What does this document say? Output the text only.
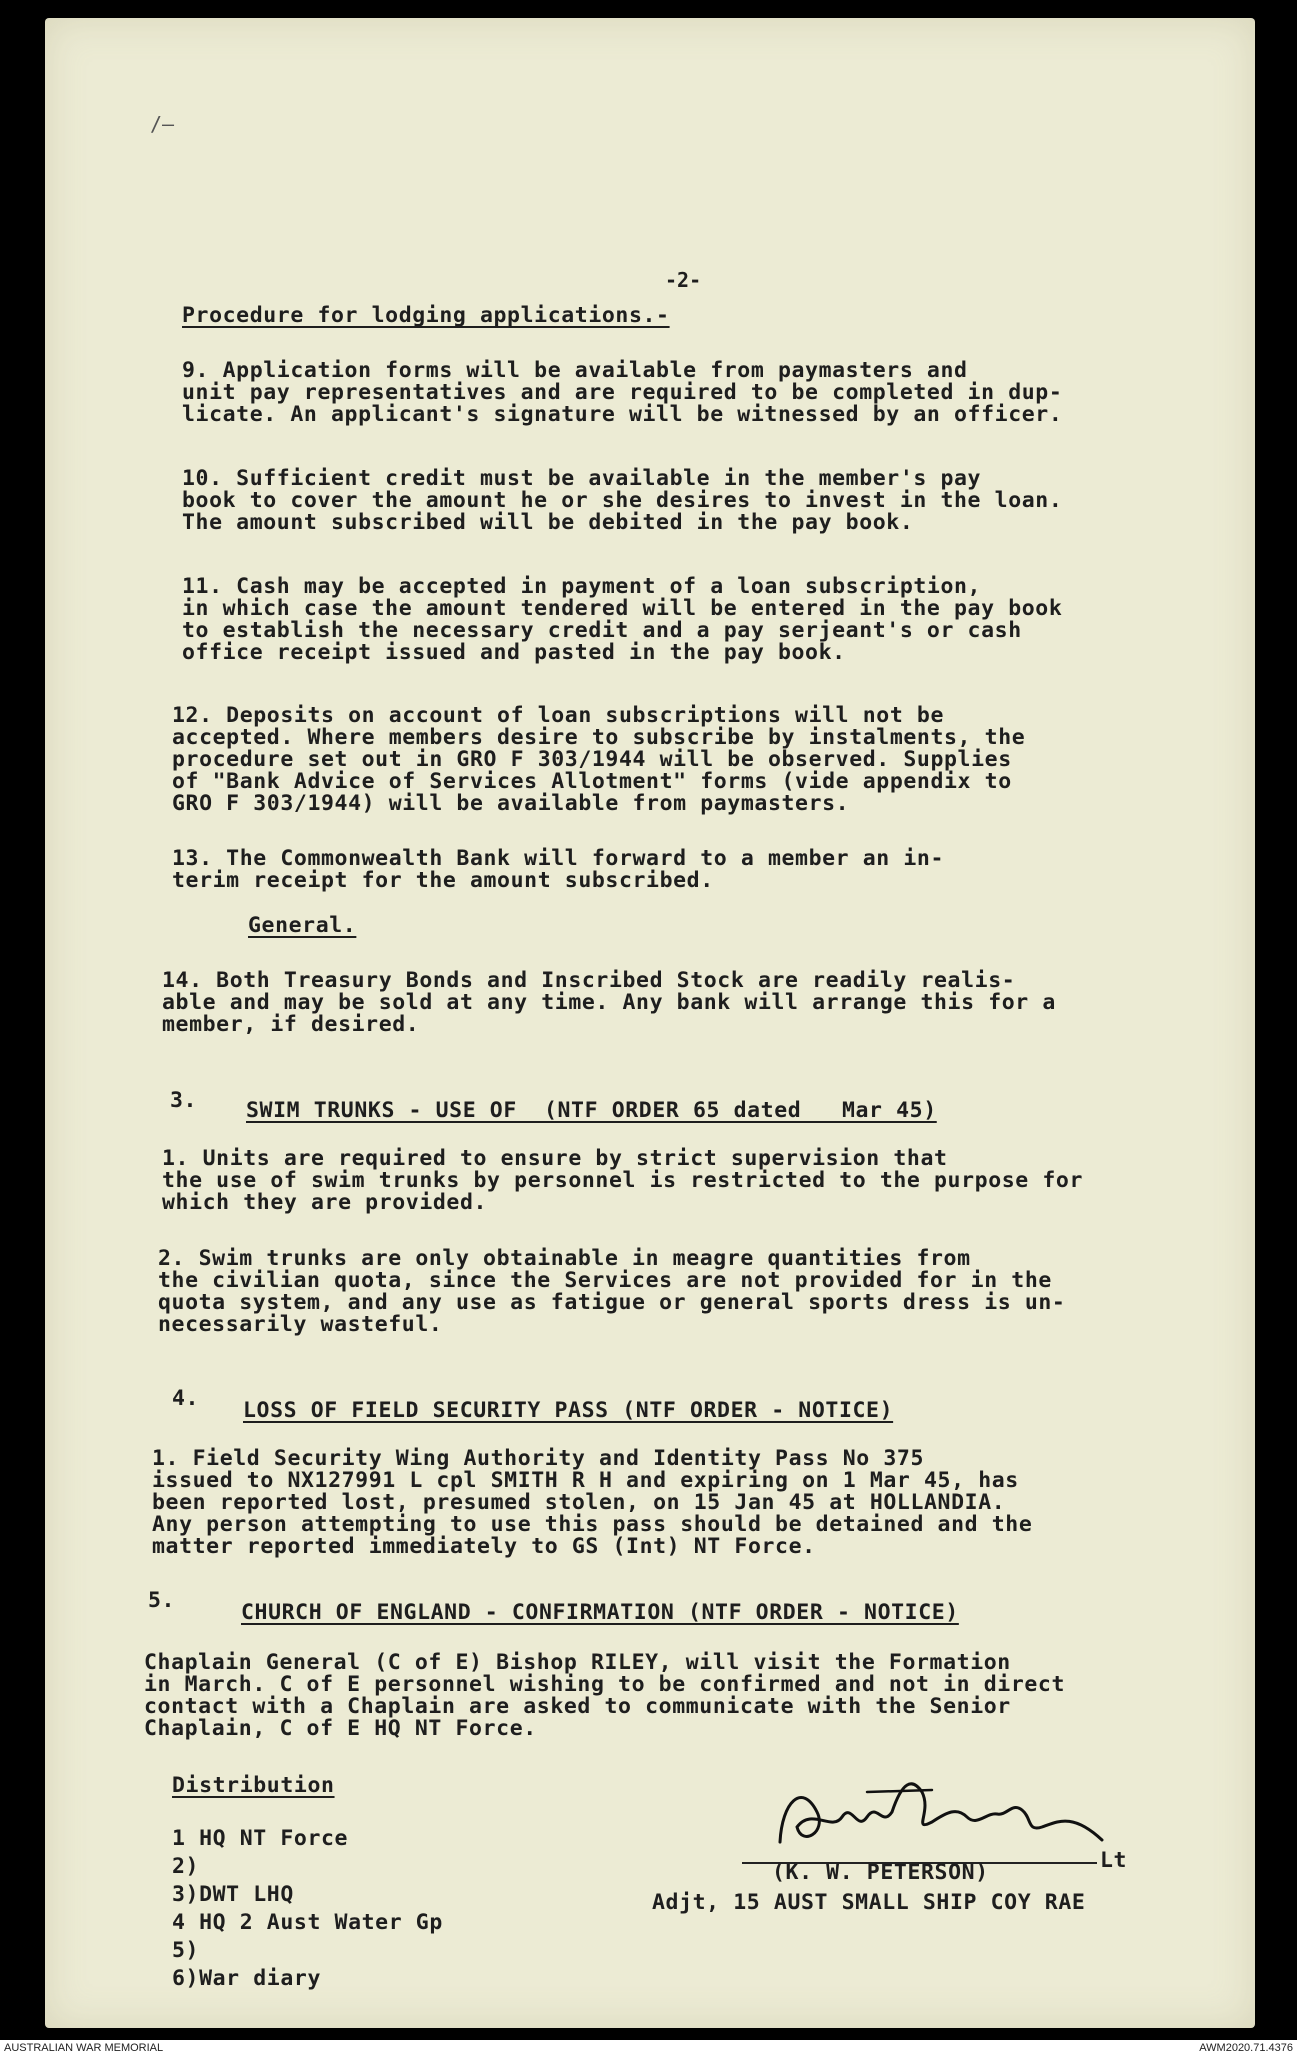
/—
-2-
Procedure for lodging applications.-
9. Application forms will be available from paymasters and
unit pay representatives and are required to be completed in dup-
licate. An applicant's signature will be witnessed by an officer.
10. Sufficient credit must be available in the member's pay
book to cover the amount he or she desires to invest in the loan.
The amount subscribed will be debited in the pay book.
11. Cash may be accepted in payment of a loan subscription,
in which case the amount tendered will be entered in the pay book
to establish the necessary credit and a pay serjeant's or cash
office receipt issued and pasted in the pay book.
12. Deposits on account of loan subscriptions will not be
accepted. Where members desire to subscribe by instalments, the
procedure set out in GRO F 303/1944 will be observed. Supplies
of "Bank Advice of Services Allotment" forms (vide appendix to
GRO F 303/1944) will be available from paymasters.
13. The Commonwealth Bank will forward to a member an in-
terim receipt for the amount subscribed.
General.
14. Both Treasury Bonds and Inscribed Stock are readily realis-
able and may be sold at any time. Any bank will arrange this for a
member, if desired.
3. SWIM TRUNKS - USE OF  (NTF ORDER 65 dated   Mar 45)
1. Units are required to ensure by strict supervision that
the use of swim trunks by personnel is restricted to the purpose for
which they are provided.
2. Swim trunks are only obtainable in meagre quantities from
the civilian quota, since the Services are not provided for in the
quota system, and any use as fatigue or general sports dress is un-
necessarily wasteful.
4. LOSS OF FIELD SECURITY PASS (NTF ORDER - NOTICE)
1. Field Security Wing Authority and Identity Pass No 375
issued to NX127991 L cpl SMITH R H and expiring on 1 Mar 45, has
been reported lost, presumed stolen, on 15 Jan 45 at HOLLANDIA.
Any person attempting to use this pass should be detained and the
matter reported immediately to GS (Int) NT Force.
5.	CHURCH OF ENGLAND - CONFIRMATION (NTF ORDER - NOTICE)
Chaplain General (C of E) Bishop RILEY, will visit the Formation
in March. C of E personnel wishing to be confirmed and not in direct
contact with a Chaplain are asked to communicate with the Senior
Chaplain, C of E HQ NT Force.
Distribution
1 HQ NT Force
2)
3)DWT LHQ
4 HQ 2 Aust Water Gp
5)
6)War diary
(K. W. PETERSON)	Lt
Adjt, 15 AUST SMALL SHIP COY RAE
AUSTRALIAN WAR MEMORIAL	AWM2020.71.4376
